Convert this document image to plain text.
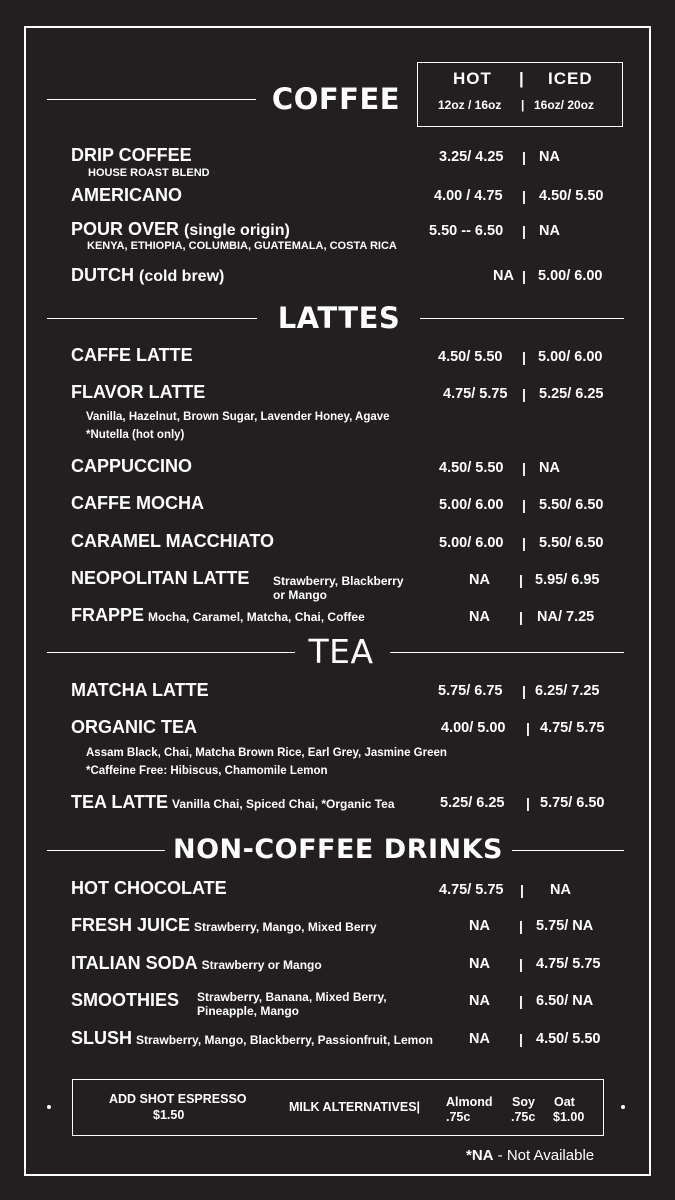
COFFEE
HOT | ICED
12oz / 16oz | 16oz/ 20oz
DRIP COFFEE
HOUSE ROAST BLEND
3.25/ 4.25 | NA
AMERICANO	4.00 / 4.75 | 4.50/ 5.50
POUR OVER (single origin)
KENYA, ETHIOPIA, COLUMBIA, GUATEMALA, COSTA RICA
5.50 -- 6.50 | NA
DUTCH (cold brew)	NA | 5.00/ 6.00
LATTES
CAFFE LATTE	4.50/ 5.50 | 5.00/ 6.00
FLAVOR LATTE
Vanilla, Hazelnut, Brown Sugar, Lavender Honey, Agave
*Nutella (hot only)
4.75/ 5.75 | 5.25/ 6.25
CAPPUCCINO	4.50/ 5.50 | NA
CAFFE MOCHA	5.00/ 6.00 | 5.50/ 6.50
CARAMEL MACCHIATO	5.00/ 6.00 | 5.50/ 6.50
NEOPOLITAN LATTE	Strawberry, Blackberry
or Mango
NA | 5.95/ 6.95
FRAPPE Mocha, Caramel, Matcha, Chai, Coffee	NA | NA/ 7.25
TEA
MATCHA LATTE	5.75/ 6.75 | 6.25/ 7.25
ORGANIC TEA
Assam Black, Chai, Matcha Brown Rice, Earl Grey, Jasmine Green
*Caffeine Free: Hibiscus, Chamomile Lemon
4.00/ 5.00 | 4.75/ 5.75
TEA LATTE Vanilla Chai, Spiced Chai, *Organic Tea	5.25/ 6.25 | 5.75/ 6.50
NON-COFFEE DRINKS
HOT CHOCOLATE	4.75/ 5.75 | NA
FRESH JUICE Strawberry, Mango, Mixed Berry	NA | 5.75/ NA
ITALIAN SODA Strawberry or Mango	NA | 4.75/ 5.75
SMOOTHIES	Strawberry, Banana, Mixed Berry,
Pineapple, Mango
NA | 6.50/ NA
SLUSH Strawberry, Mango, Blackberry, Passionfruit, Lemon	NA | 4.50/ 5.50
ADD SHOT ESPRESSO
$1.50
MILK ALTERNATIVES| Almond
.75c
Soy
.75c
Oat
$1.00
*NA - Not Available
